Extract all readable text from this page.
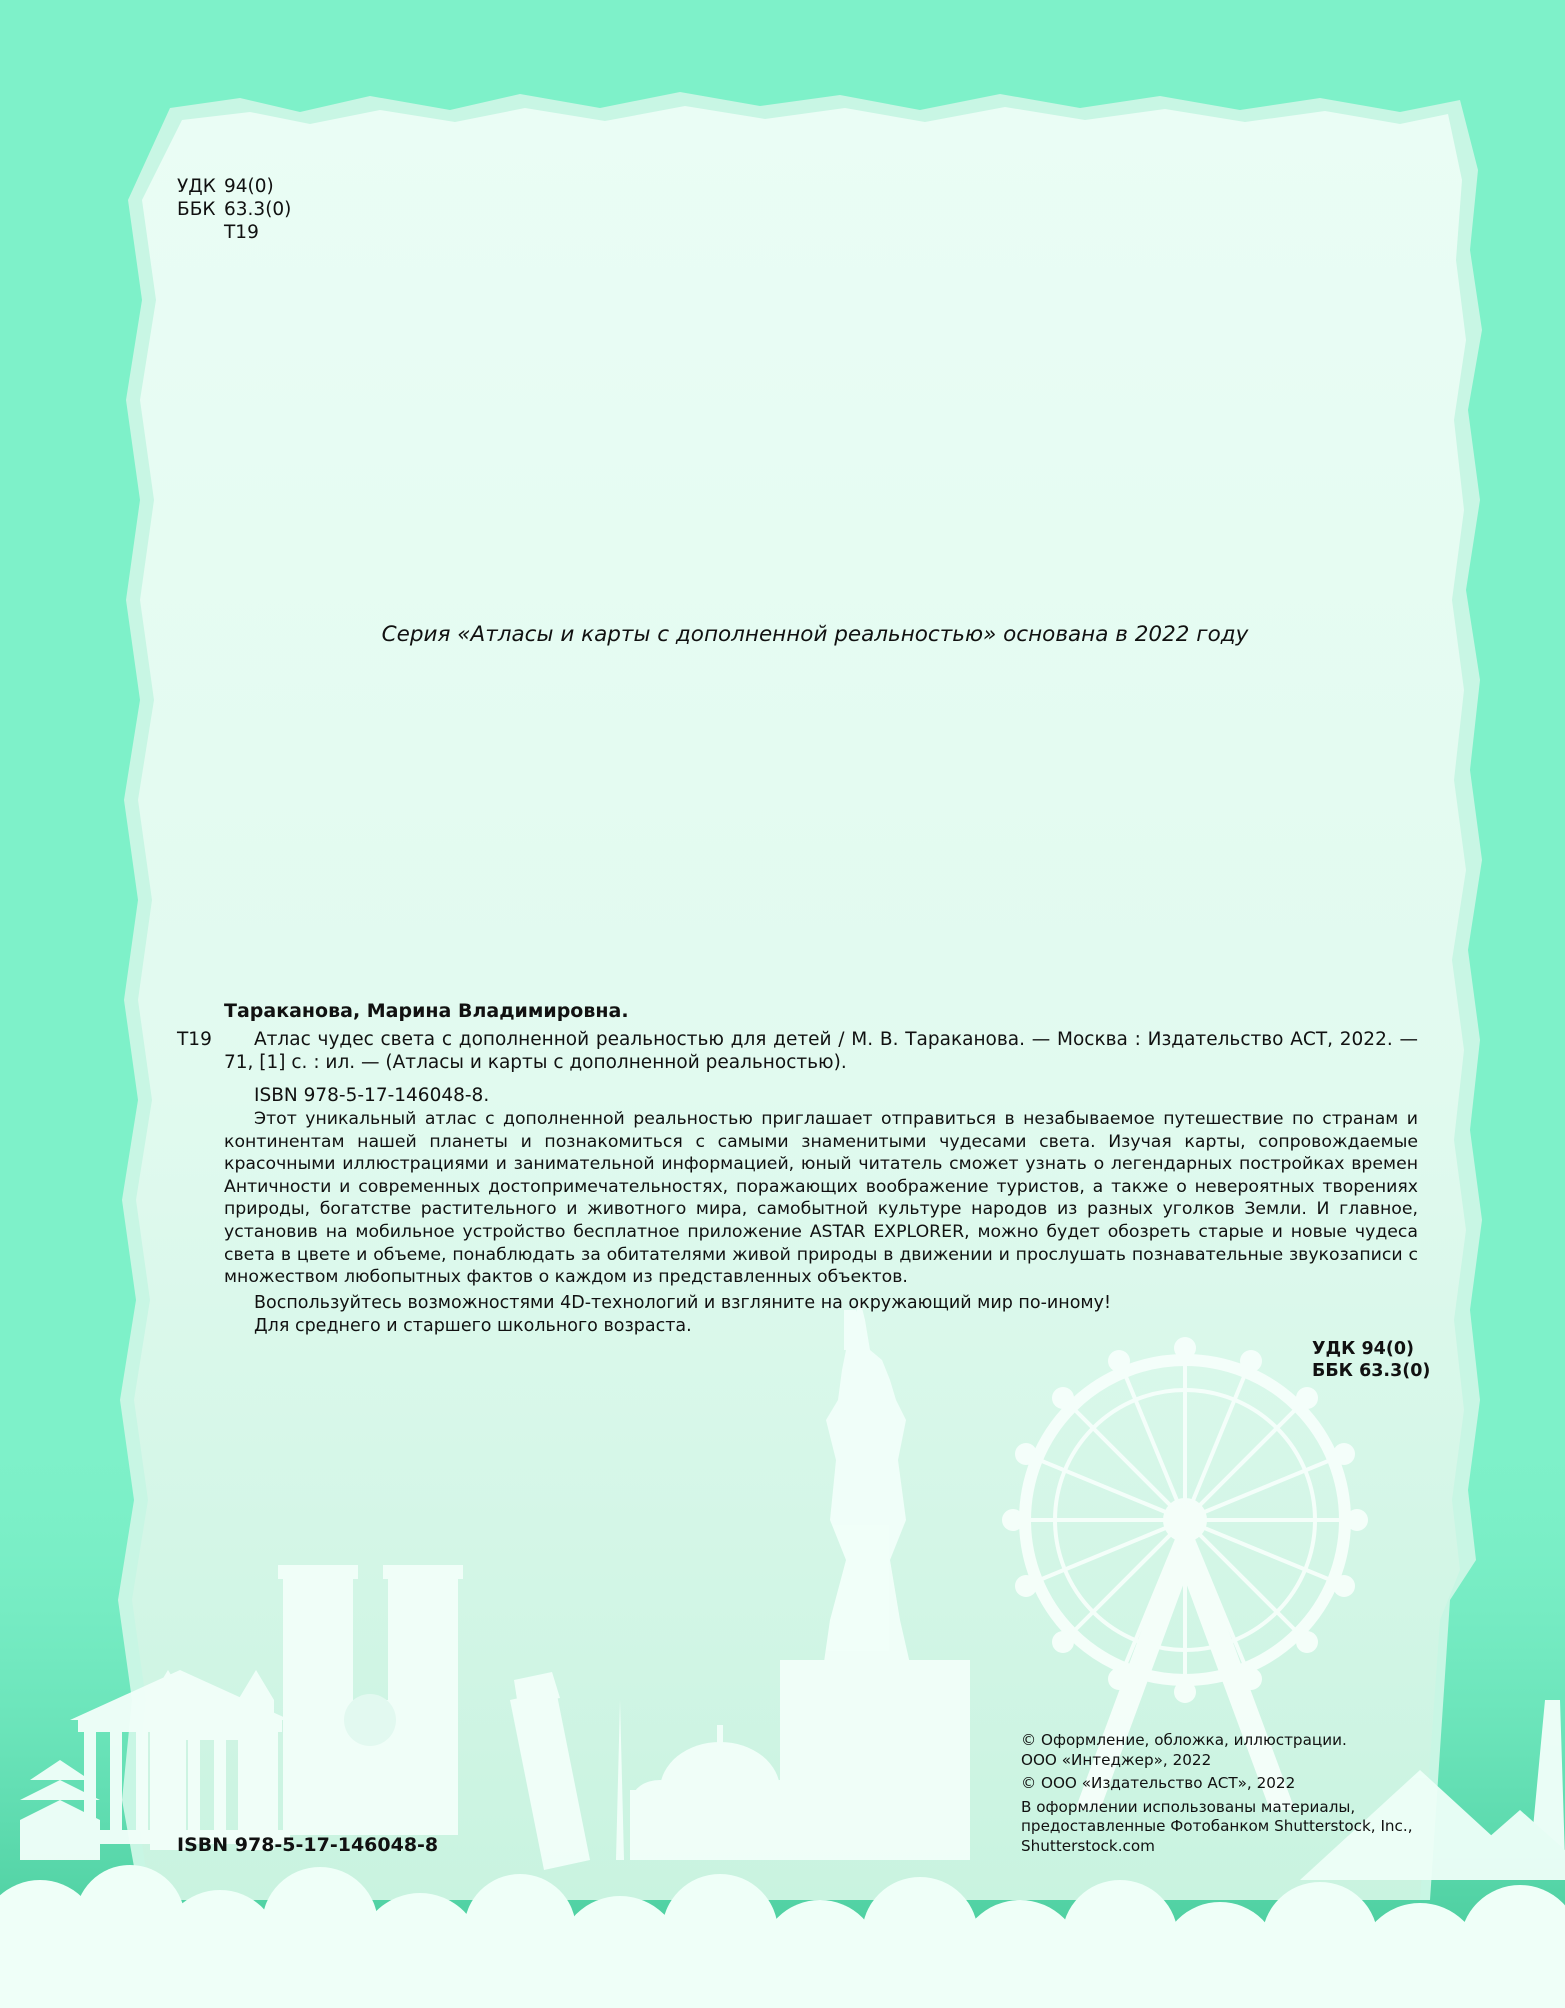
УДК 94(0)
ББК 63.3(0)
Т19
Серия «Атласы и карты с дополненной реальностью» основана в 2022 году
Тараканова, Марина Владимировна.
Т19	Атлас чудес света с дополненной реальностью для детей / М. В. Тараканова. — Москва : Издательство АСТ, 2022. — 71, [1] с. : ил. — (Атласы и карты с дополненной реальностью).
ISBN 978-5-17-146048-8.

Этот уникальный атлас с дополненной реальностью приглашает отправиться в незабываемое путешествие по странам и континентам нашей планеты и познакомиться с самыми знаменитыми чудесами света. Изучая карты, сопровождаемые красочными иллюстрациями и занимательной информацией, юный читатель сможет узнать о легендарных постройках времен Античности и современных достопримечательностях, поражающих воображение туристов, а также о невероятных творениях природы, богатстве растительного и животного мира, самобытной культуре народов из разных уголков Земли. И главное, установив на мобильное устройство бесплатное приложение ASTAR EXPLORER, можно будет обозреть старые и новые чудеса света в цвете и объеме, понаблюдать за обитателями живой природы в движении и прослушать познавательные звукозаписи с множеством любопытных фактов о каждом из представленных объектов.

Воспользуйтесь возможностями 4D-технологий и взгляните на окружающий мир по-иному!

Для среднего и старшего школьного возраста.

УДК 94(0)
ББК 63.3(0)

© Оформление, обложка, иллюстрации.
ООО «Интеджер», 2022

© ООО «Издательство АСТ», 2022

В оформлении использованы материалы,
предоставленные Фотобанком Shutterstock, Inc.,
Shutterstock.com

ISBN 978-5-17-146048-8
